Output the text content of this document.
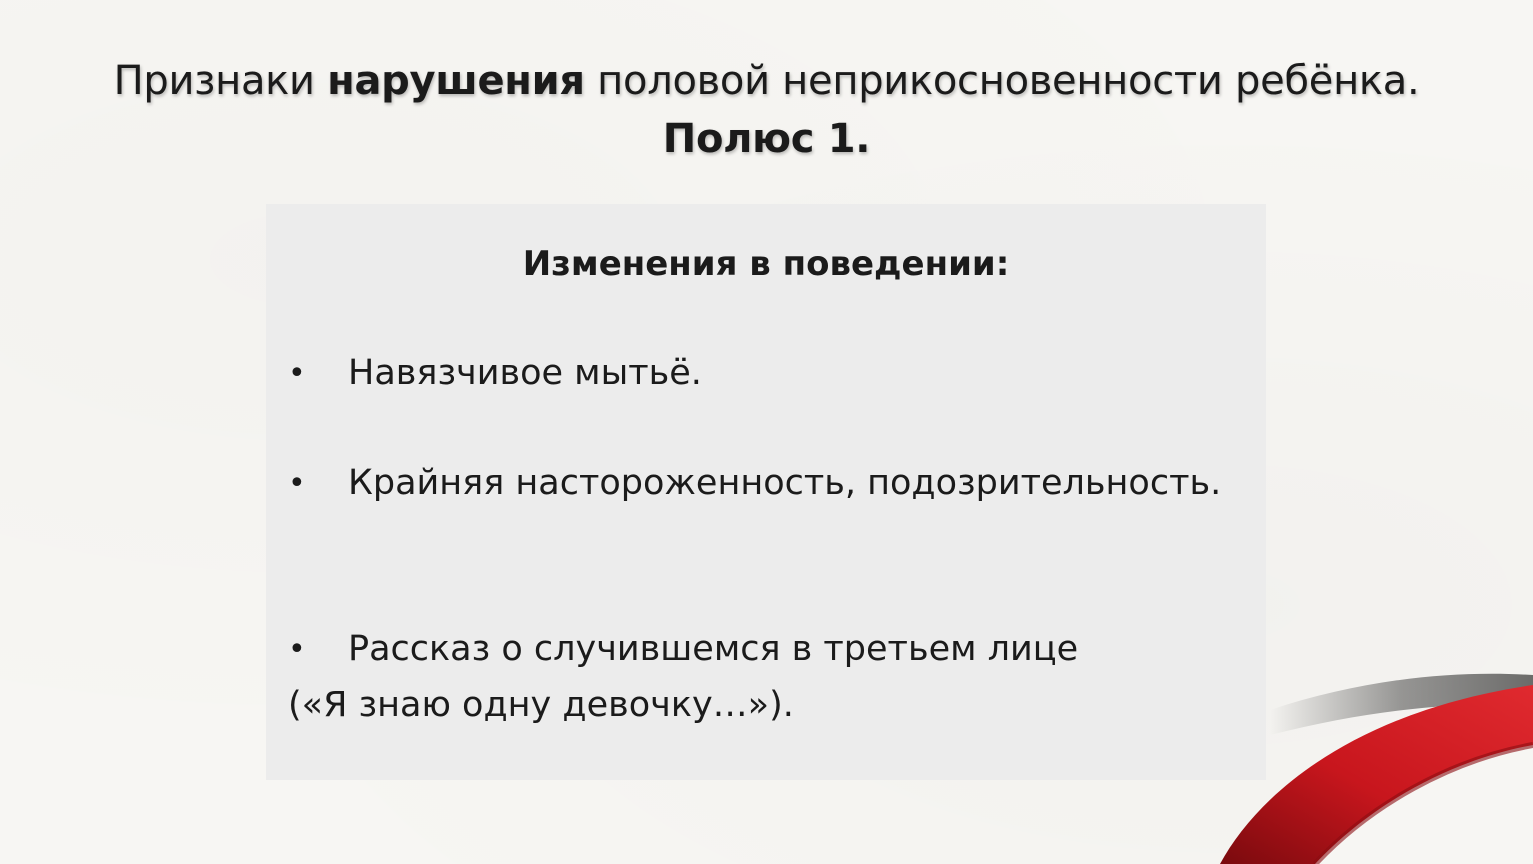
Признаки нарушения половой неприкосновенности ребёнка.
Полюс 1.
Изменения в поведении:
•	Навязчивое мытьё.
•	Крайняя настороженность, подозрительность.
•	Рассказ о случившемся в третьем лице
(«Я знаю одну девочку…»).
